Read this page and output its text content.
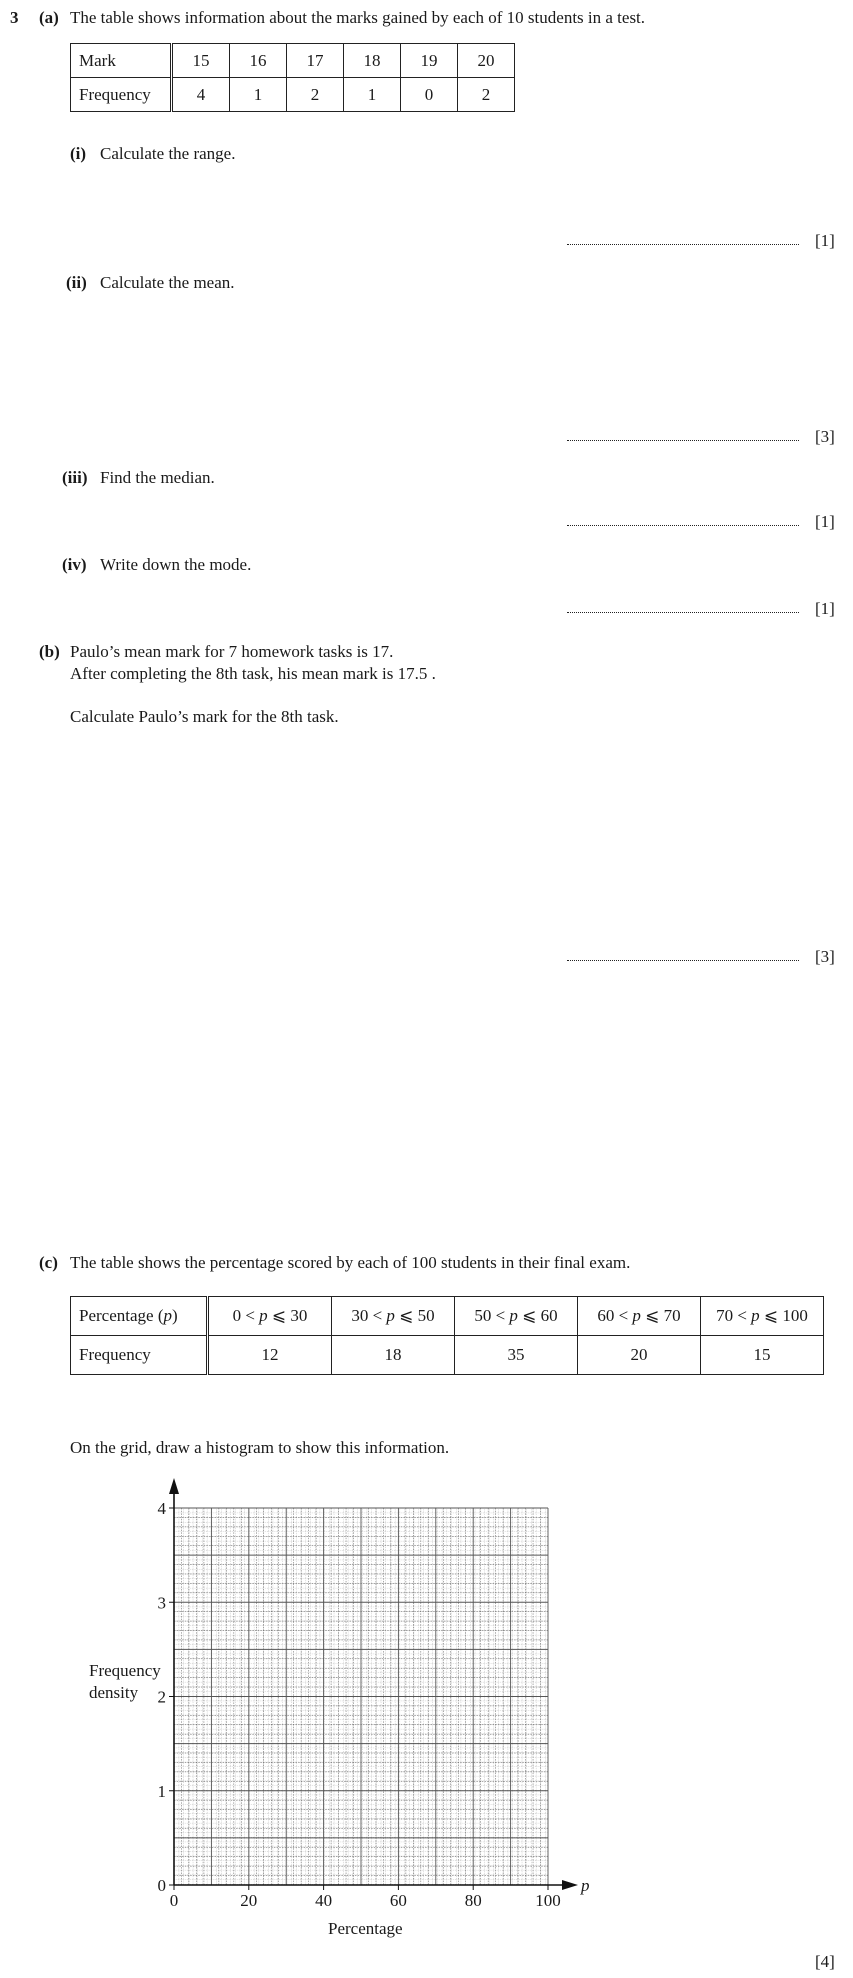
3 (a) The table shows information about the marks gained by each of 10 students in a test.
Mark	15	16	17	18	19	20
Frequency	4	1	2	1	0	2
(i) Calculate the range.
[1]
(ii) Calculate the mean.
[3]
(iii) Find the median.
[1]
(iv) Write down the mode.
[1]
(b) Paulo’s mean mark for 7 homework tasks is 17.
After completing the 8th task, his mean mark is 17.5 .
Calculate Paulo’s mark for the 8th task.
[3]
(c) The table shows the percentage scored by each of 100 students in their final exam.
Percentage (p)	0 < p ⩽ 30	30 < p ⩽ 50	50 < p ⩽ 60	60 < p ⩽ 70	70 < p ⩽ 100
Frequency	12	18	35	20	15
On the grid, draw a histogram to show this information.
Frequency
density
0	20	40	60	80	100
0
1
2
3
4
p
Percentage
[4]
